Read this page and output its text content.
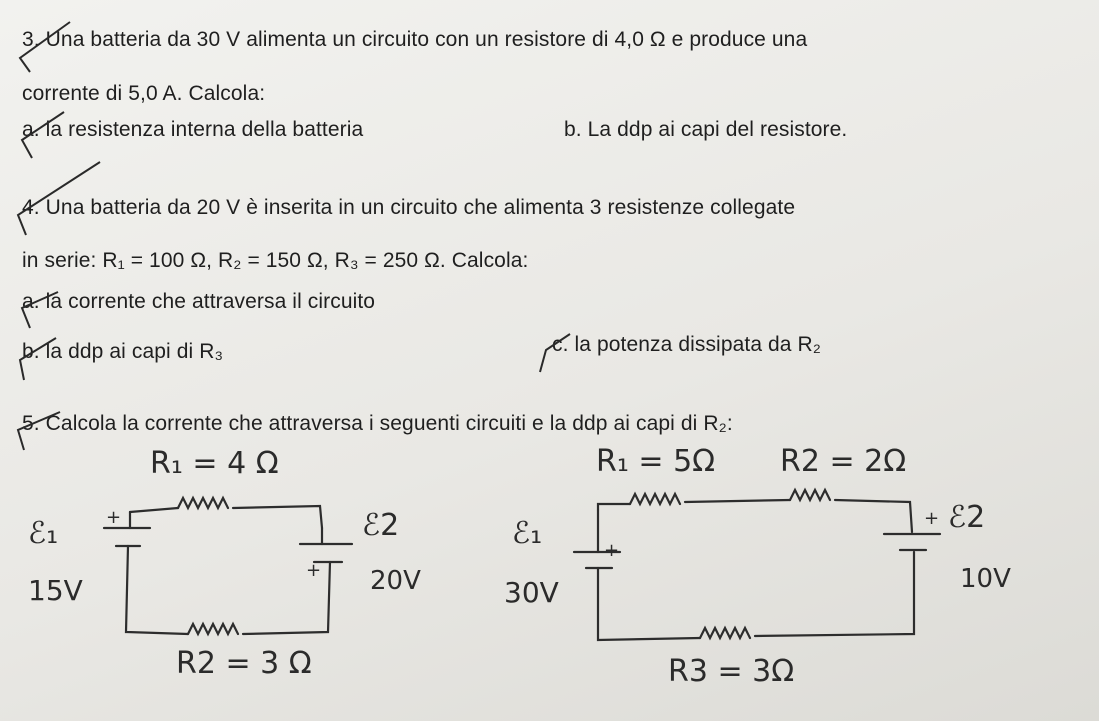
3. Una batteria da 30 V alimenta un circuito con un resistore di 4,0 Ω e produce una
corrente di 5,0 A. Calcola:
a. la resistenza interna della batteria	b. La ddp ai capi del resistore.
4. Una batteria da 20 V è inserita in un circuito che alimenta 3 resistenze collegate
in serie: R₁ = 100 Ω, R₂ = 150 Ω, R₃ = 250 Ω. Calcola:
a. la corrente che attraversa il circuito
b. la ddp ai capi di R₃	c. la potenza dissipata da R₂
5. Calcola la corrente che attraversa i seguenti circuiti e la ddp ai capi di R₂:
R₁ = 4 Ω
ℰ₁	+
15V
ℰ2
+ 20V
R2 = 3 Ω
R₁ = 5Ω R2 = 2Ω
ℰ₁	+
30V
+ ℰ2
10V
R3 = 3Ω
